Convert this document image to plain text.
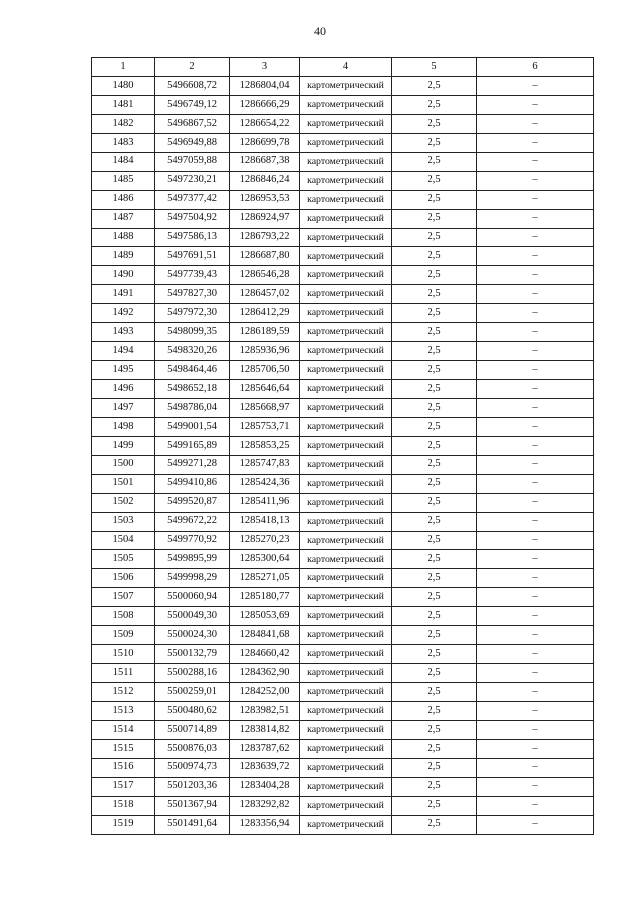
40
1	2	3	4	5	6
1480	5496608,72	1286804,04	картометрический	2,5	–
1481	5496749,12	1286666,29	картометрический	2,5	–
1482	5496867,52	1286654,22	картометрический	2,5	–
1483	5496949,88	1286699,78	картометрический	2,5	–
1484	5497059,88	1286687,38	картометрический	2,5	–
1485	5497230,21	1286846,24	картометрический	2,5	–
1486	5497377,42	1286953,53	картометрический	2,5	–
1487	5497504,92	1286924,97	картометрический	2,5	–
1488	5497586,13	1286793,22	картометрический	2,5	–
1489	5497691,51	1286687,80	картометрический	2,5	–
1490	5497739,43	1286546,28	картометрический	2,5	–
1491	5497827,30	1286457,02	картометрический	2,5	–
1492	5497972,30	1286412,29	картометрический	2,5	–
1493	5498099,35	1286189,59	картометрический	2,5	–
1494	5498320,26	1285936,96	картометрический	2,5	–
1495	5498464,46	1285706,50	картометрический	2,5	–
1496	5498652,18	1285646,64	картометрический	2,5	–
1497	5498786,04	1285668,97	картометрический	2,5	–
1498	5499001,54	1285753,71	картометрический	2,5	–
1499	5499165,89	1285853,25	картометрический	2,5	–
1500	5499271,28	1285747,83	картометрический	2,5	–
1501	5499410,86	1285424,36	картометрический	2,5	–
1502	5499520,87	1285411,96	картометрический	2,5	–
1503	5499672,22	1285418,13	картометрический	2,5	–
1504	5499770,92	1285270,23	картометрический	2,5	–
1505	5499895,99	1285300,64	картометрический	2,5	–
1506	5499998,29	1285271,05	картометрический	2,5	–
1507	5500060,94	1285180,77	картометрический	2,5	–
1508	5500049,30	1285053,69	картометрический	2,5	–
1509	5500024,30	1284841,68	картометрический	2,5	–
1510	5500132,79	1284660,42	картометрический	2,5	–
1511	5500288,16	1284362,90	картометрический	2,5	–
1512	5500259,01	1284252,00	картометрический	2,5	–
1513	5500480,62	1283982,51	картометрический	2,5	–
1514	5500714,89	1283814,82	картометрический	2,5	–
1515	5500876,03	1283787,62	картометрический	2,5	–
1516	5500974,73	1283639,72	картометрический	2,5	–
1517	5501203,36	1283404,28	картометрический	2,5	–
1518	5501367,94	1283292,82	картометрический	2,5	–
1519	5501491,64	1283356,94	картометрический	2,5	–
